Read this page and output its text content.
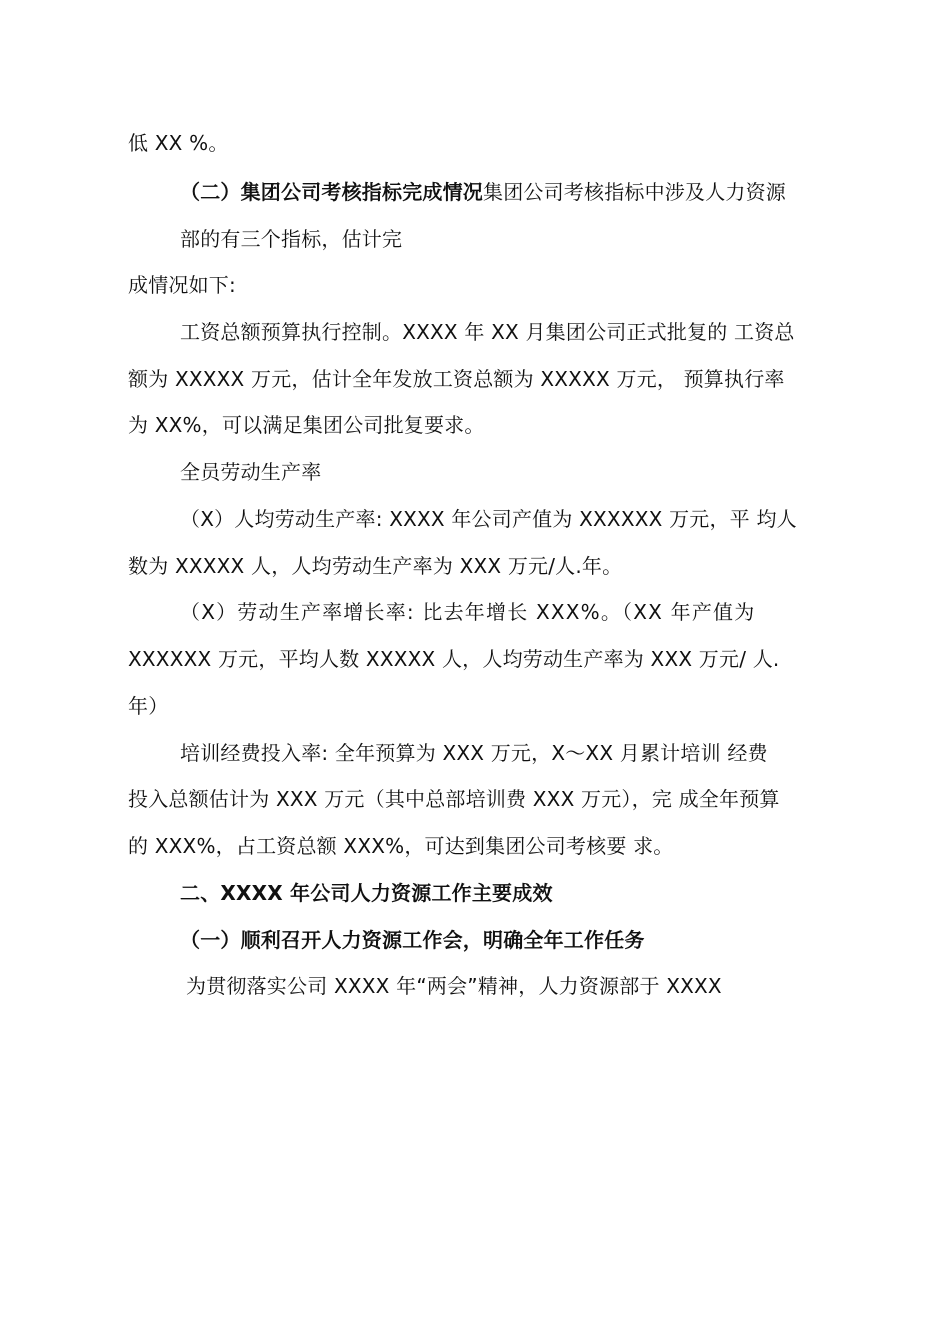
低 XX %。
（二）集团公司考核指标完成情况集团公司考核指标中涉及人力资源
部的有三个指标，估计完
成情况如下:
工资总额预算执行控制。XXXX 年 XX 月集团公司正式批复的 工资总
额为 XXXXX 万元，估计全年发放工资总额为 XXXXX 万元， 预算执行率
为 XX%，可以满足集团公司批复要求。
全员劳动生产率
（X）人均劳动生产率: XXXX 年公司产值为 XXXXXX 万元，平 均人
数为 XXXXX 人，人均劳动生产率为 XXX 万元/人.年。
（X）劳动生产率增长率: 比去年增长 XXX%。（XX 年产值为
XXXXXX 万元，平均人数 XXXXX 人，人均劳动生产率为 XXX 万元/ 人.
年）
培训经费投入率: 全年预算为 XXX 万元，X～XX 月累计培训 经费
投入总额估计为 XXX 万元（其中总部培训费 XXX 万元），完 成全年预算
的 XXX%，占工资总额 XXX%，可达到集团公司考核要 求。
二、XXXX 年公司人力资源工作主要成效
（一）顺利召开人力资源工作会，明确全年工作任务
为贯彻落实公司 XXXX 年“两会”精神，人力资源部于 XXXX
